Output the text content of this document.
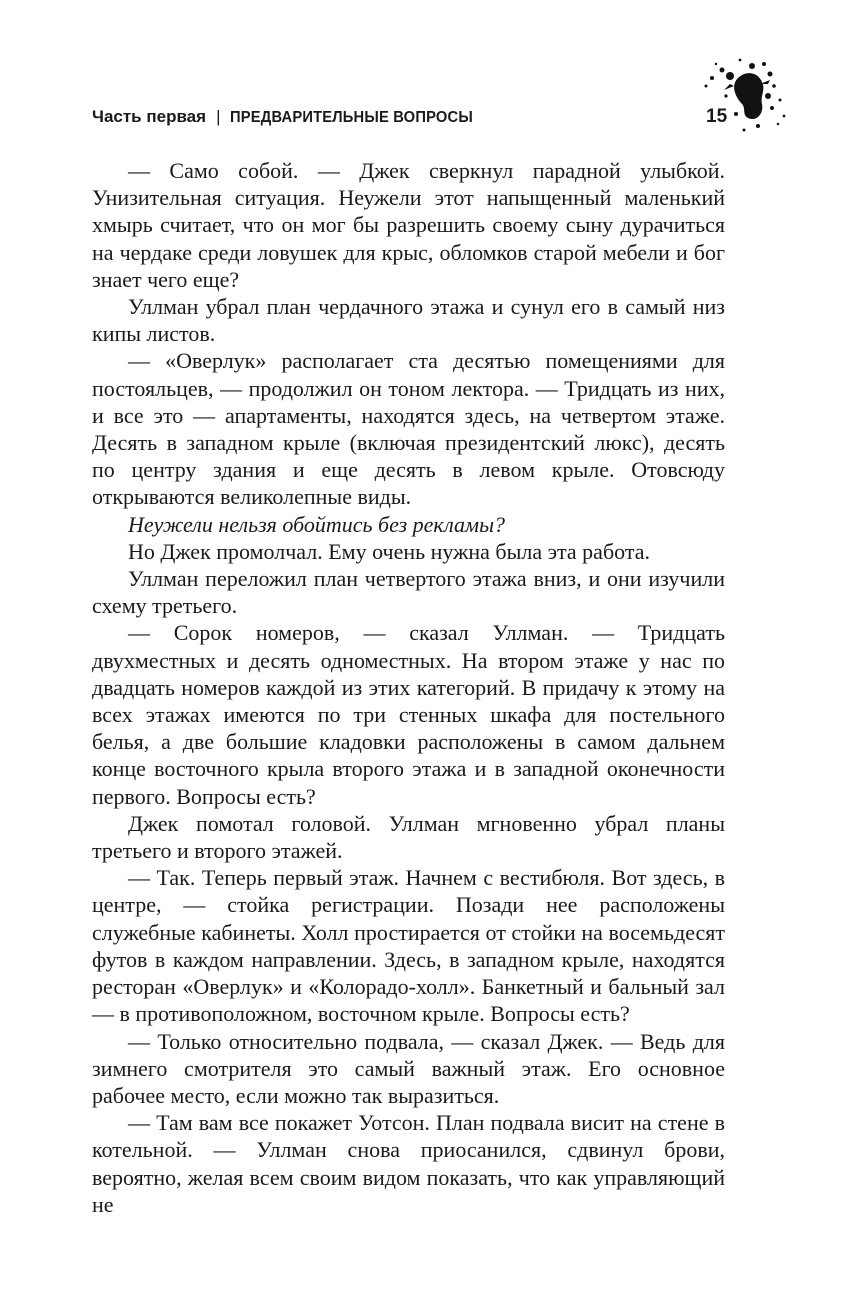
Часть первая | ПРЕДВАРИТЕЛЬНЫЕ ВОПРОСЫ	15

— Само собой. — Джек сверкнул парадной улыбкой. Унизительная ситуация. Неужели этот напыщенный маленький хмырь считает, что он мог бы разрешить своему сыну дурачиться на чердаке среди ловушек для крыс, обломков старой мебели и бог знает чего еще?

Уллман убрал план чердачного этажа и сунул его в самый низ кипы листов.

— «Оверлук» располагает ста десятью помещениями для постояльцев, — продолжил он тоном лектора. — Тридцать из них, и все это — апартаменты, находятся здесь, на четвертом этаже. Десять в западном крыле (включая президентский люкс), десять по центру здания и еще десять в левом крыле. Отовсюду открываются великолепные виды.

Неужели нельзя обойтись без рекламы?

Но Джек промолчал. Ему очень нужна была эта работа.

Уллман переложил план четвертого этажа вниз, и они изучили схему третьего.

— Сорок номеров, — сказал Уллман. — Тридцать двухместных и десять одноместных. На втором этаже у нас по двадцать номеров каждой из этих категорий. В придачу к этому на всех этажах имеются по три стенных шкафа для постельного белья, а две большие кладовки расположены в самом дальнем конце восточного крыла второго этажа и в западной оконечности первого. Вопросы есть?

Джек помотал головой. Уллман мгновенно убрал планы третьего и второго этажей.

— Так. Теперь первый этаж. Начнем с вестибюля. Вот здесь, в центре, — стойка регистрации. Позади нее расположены служебные кабинеты. Холл простирается от стойки на восемьдесят футов в каждом направлении. Здесь, в западном крыле, находятся ресторан «Оверлук» и «Колорадо-холл». Банкетный и бальный зал — в противоположном, восточном крыле. Вопросы есть?

— Только относительно подвала, — сказал Джек. — Ведь для зимнего смотрителя это самый важный этаж. Его основное рабочее место, если можно так выразиться.

— Там вам все покажет Уотсон. План подвала висит на стене в котельной. — Уллман снова приосанился, сдвинул брови, вероятно, желая всем своим видом показать, что как управляющий не
